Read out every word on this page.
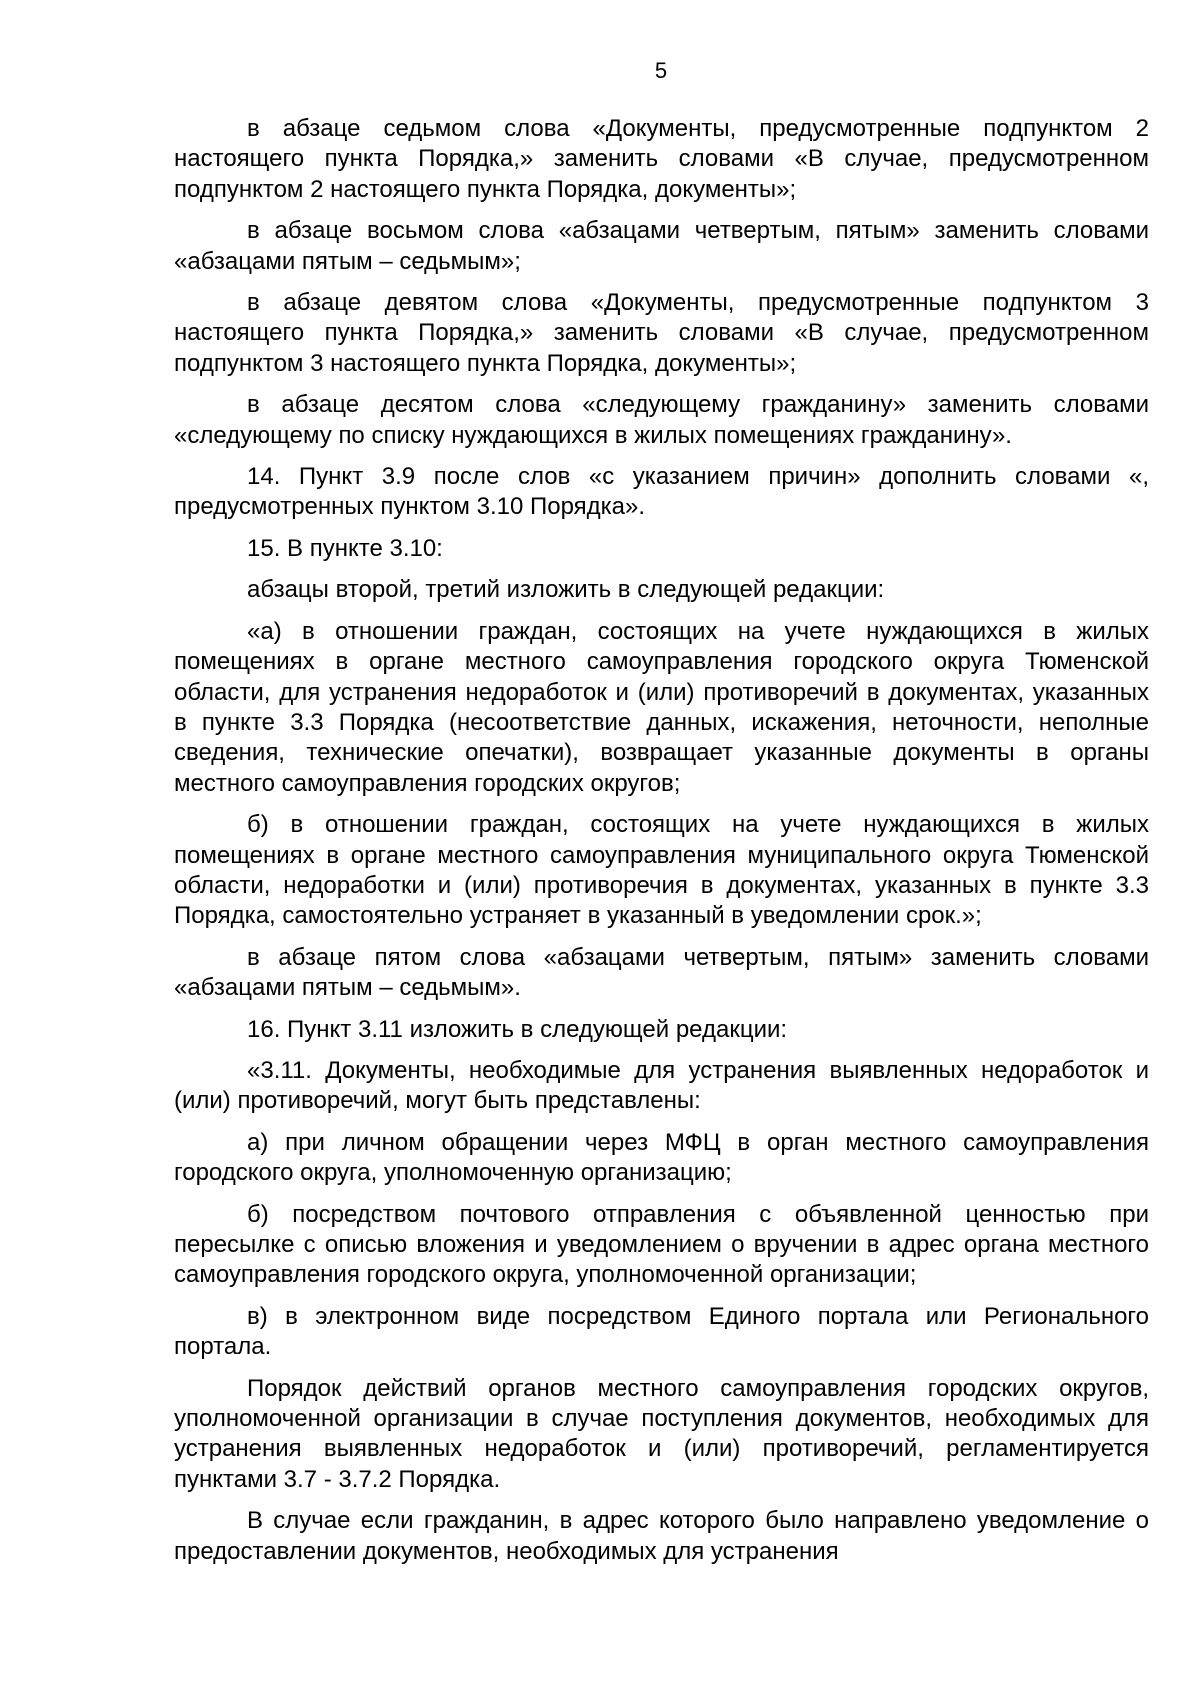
5

в абзаце седьмом слова «Документы, предусмотренные подпунктом 2 настоящего пункта Порядка,» заменить словами «В случае, предусмотренном подпунктом 2 настоящего пункта Порядка, документы»;

в абзаце восьмом слова «абзацами четвертым, пятым» заменить словами «абзацами пятым – седьмым»;

в абзаце девятом слова «Документы, предусмотренные подпунктом 3 настоящего пункта Порядка,» заменить словами «В случае, предусмотренном подпунктом 3 настоящего пункта Порядка, документы»;

в абзаце десятом слова «следующему гражданину» заменить словами «следующему по списку нуждающихся в жилых помещениях гражданину».

14. Пункт 3.9 после слов «с указанием причин» дополнить словами «, предусмотренных пунктом 3.10 Порядка».

15. В пункте 3.10:

абзацы второй, третий изложить в следующей редакции:

«а) в отношении граждан, состоящих на учете нуждающихся в жилых помещениях в органе местного самоуправления городского округа Тюменской области, для устранения недоработок и (или) противоречий в документах, указанных в пункте 3.3 Порядка (несоответствие данных, искажения, неточности, неполные сведения, технические опечатки), возвращает указанные документы в органы местного самоуправления городских округов;

б) в отношении граждан, состоящих на учете нуждающихся в жилых помещениях в органе местного самоуправления муниципального округа Тюменской области, недоработки и (или) противоречия в документах, указанных в пункте 3.3 Порядка, самостоятельно устраняет в указанный в уведомлении срок.»;

в абзаце пятом слова «абзацами четвертым, пятым» заменить словами «абзацами пятым – седьмым».

16. Пункт 3.11 изложить в следующей редакции:

«3.11. Документы, необходимые для устранения выявленных недоработок и (или) противоречий, могут быть представлены:

а) при личном обращении через МФЦ в орган местного самоуправления городского округа, уполномоченную организацию;

б) посредством почтового отправления с объявленной ценностью при пересылке с описью вложения и уведомлением о вручении в адрес органа местного самоуправления городского округа, уполномоченной организации;

в) в электронном виде посредством Единого портала или Регионального портала.

Порядок действий органов местного самоуправления городских округов, уполномоченной организации в случае поступления документов, необходимых для устранения выявленных недоработок и (или) противоречий, регламентируется пунктами 3.7 - 3.7.2 Порядка.

В случае если гражданин, в адрес которого было направлено уведомление о предоставлении документов, необходимых для устранения
